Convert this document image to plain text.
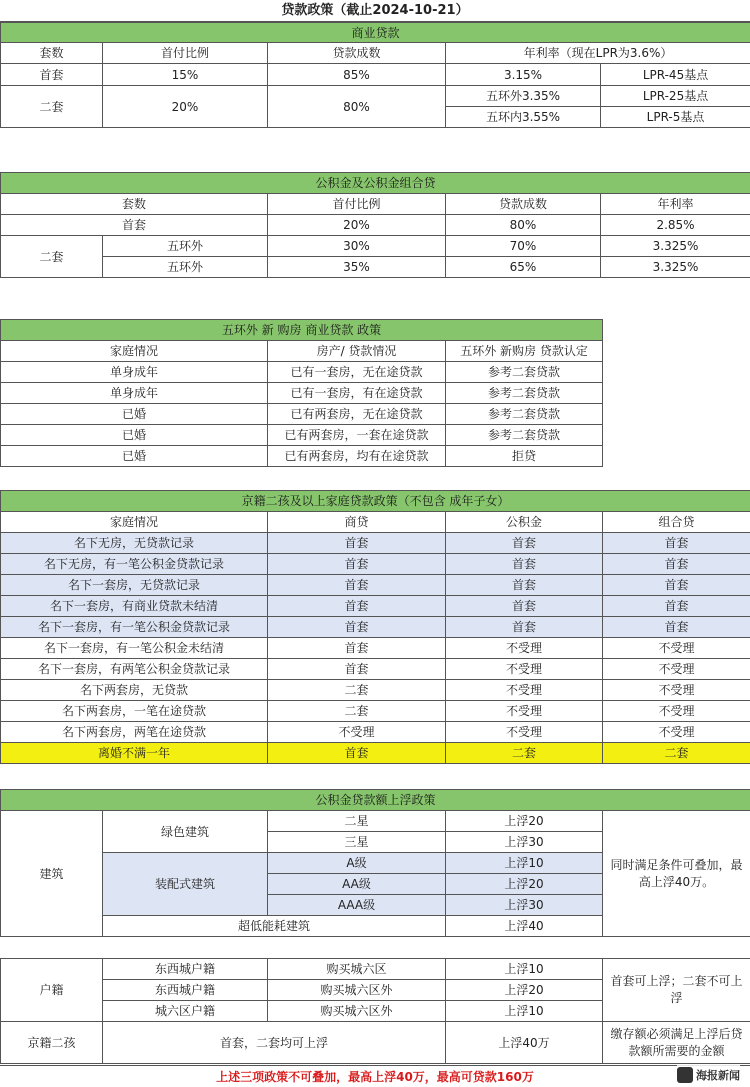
贷款政策（截止2024-10-21）
商业贷款				
套数	首付比例	贷款成数	年利率（现在LPR为3.6%）	
首套	15%	85%	3.15%	LPR-45基点
二套	20%	80%	五环外3.35%	LPR-25基点
			五环内3.55%	LPR-5基点
公积金及公积金组合贷				
套数		首付比例	贷款成数	年利率
首套		20%	80%	2.85%
二套	五环外	30%	70%	3.325%
	五环外	35%	65%	3.325%
五环外 新 购房 商业贷款 政策		
家庭情况	房产/ 贷款情况	五环外 新购房 贷款认定
单身成年	已有一套房，无在途贷款	参考二套贷款
单身成年	已有一套房，有在途贷款	参考二套贷款
已婚	已有两套房，无在途贷款	参考二套贷款
已婚	已有两套房，一套在途贷款	参考二套贷款
已婚	已有两套房，均有在途贷款	拒贷
京籍二孩及以上家庭贷款政策（不包含 成年子女）			
家庭情况	商贷	公积金	组合贷
名下无房，无贷款记录	首套	首套	首套
名下无房，有一笔公积金贷款记录	首套	首套	首套
名下一套房，无贷款记录	首套	首套	首套
名下一套房，有商业贷款未结清	首套	首套	首套
名下一套房，有一笔公积金贷款记录	首套	首套	首套
名下一套房，有一笔公积金未结清	首套	不受理	不受理
名下一套房，有两笔公积金贷款记录	首套	不受理	不受理
名下两套房，无贷款	二套	不受理	不受理
名下两套房，一笔在途贷款	二套	不受理	不受理
名下两套房，两笔在途贷款	不受理	不受理	不受理
离婚不满一年	首套	二套	二套
公积金贷款额上浮政策				
建筑	绿色建筑	二星	上浮20	同时满足条件可叠加，最高上浮40万。
		三星	上浮30	
	装配式建筑	A级	上浮10	
		AA级	上浮20	
		AAA级	上浮30	
	超低能耗建筑		上浮40	
户籍	东西城户籍	购买城六区	上浮10	首套可上浮；二套不可上浮
	东西城户籍	购买城六区外	上浮20	
	城六区户籍	购买城六区外	上浮10	
京籍二孩	首套，二套均可上浮		上浮40万	缴存额必须满足上浮后贷款额所需要的金额
上述三项政策不可叠加，最高上浮40万，最高可贷款160万	海报新闻
